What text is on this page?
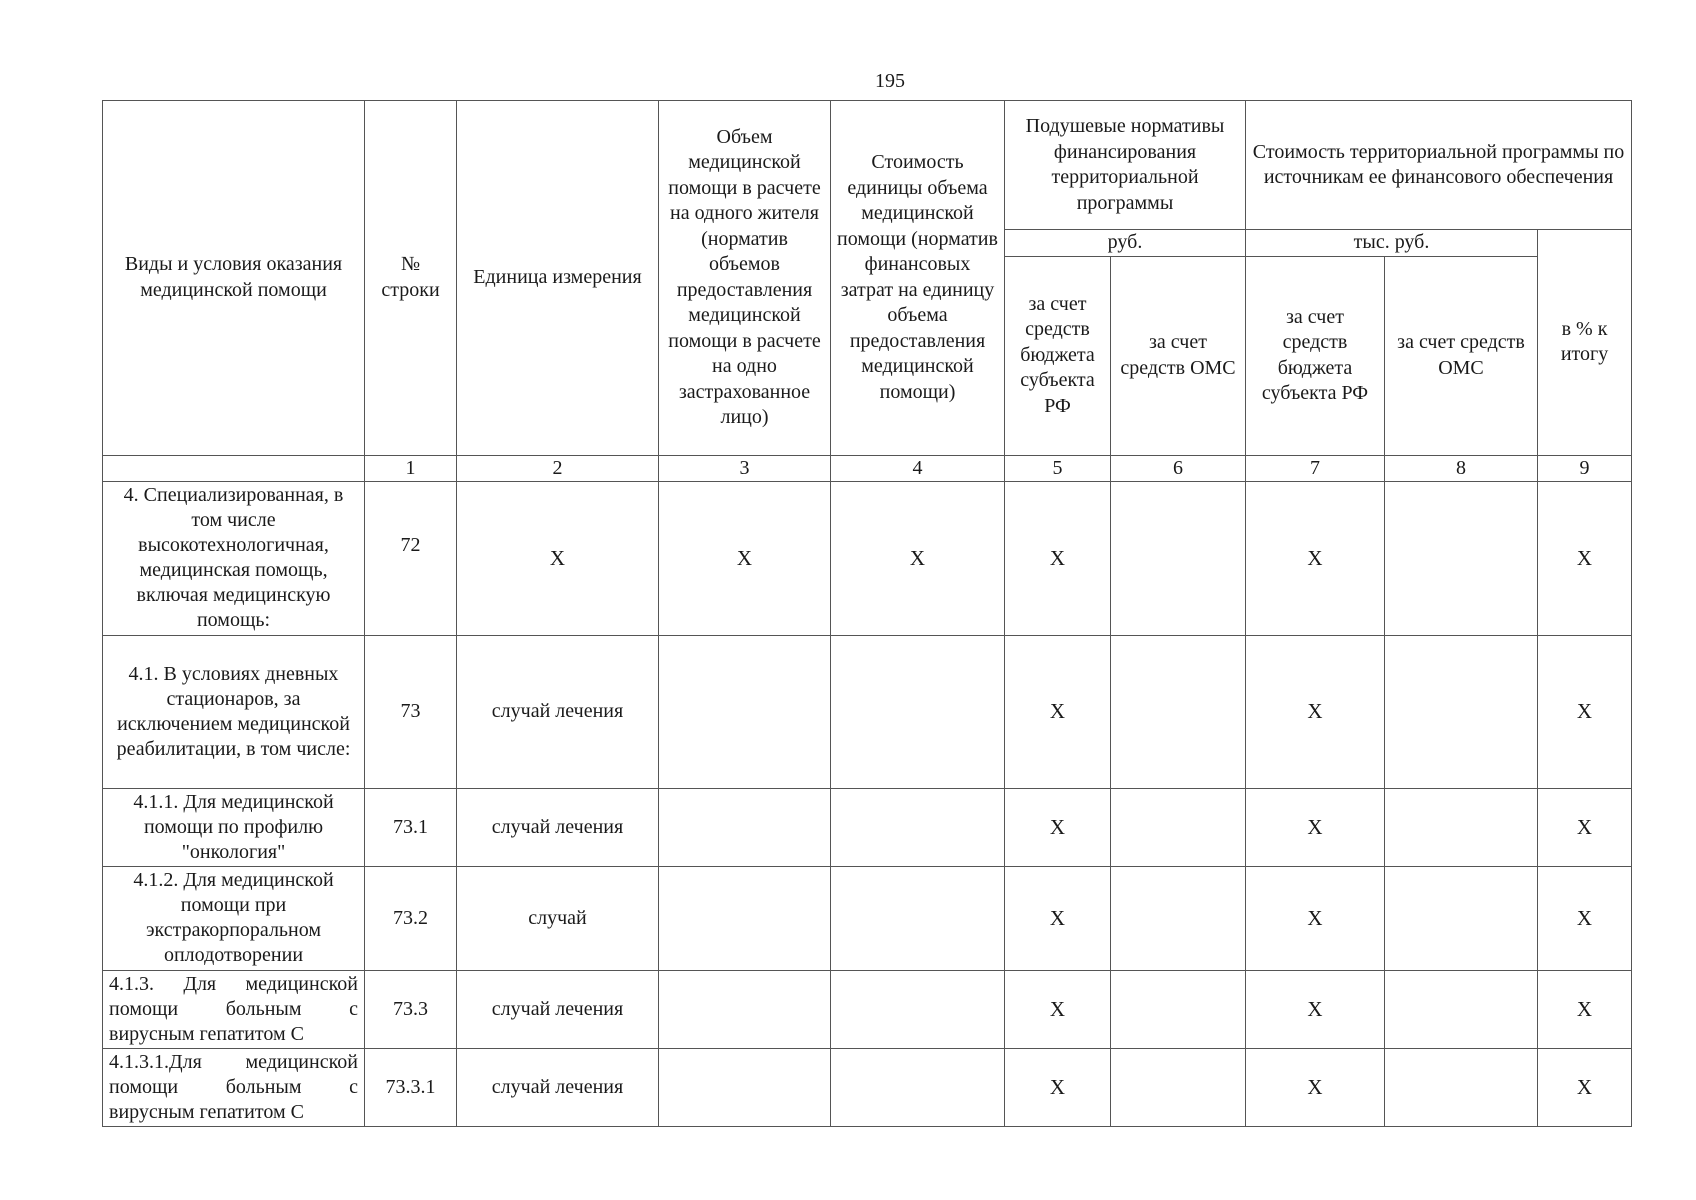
195
Виды и условия оказания медицинской помощи	№ строки	Единица измерения	Объем медицинской помощи в расчете на одного жителя (норматив объемов предоставления медицинской помощи в расчете на одно застрахованное лицо)	Стоимость единицы объема медицинской помощи (норматив финансовых затрат на единицу объема предоставления медицинской помощи)	Подушевые нормативы финансирования территориальной программы		Стоимость территориальной программы по источникам ее финансового обеспечения		
					руб.		тыс. руб.		в % к итогу
					за счет средств бюджета субъекта РФ	за счет средств ОМС	за счет средств бюджета субъекта РФ	за счет средств ОМС	
	1	2	3	4	5	6	7	8	9
4. Специализированная, в том числе высокотехнологичная, медицинская помощь, включая медицинскую помощь:	72	X	X	X	X		X		X
4.1. В условиях дневных стационаров, за исключением медицинской реабилитации, в том числе:	73	случай лечения			X		X		X
4.1.1. Для медицинской помощи по профилю "онкология"	73.1	случай лечения			X		X		X
4.1.2. Для медицинской помощи при экстракорпоральном оплодотворении	73.2	случай			X		X		X
4.1.3. Для медицинской помощи больным с вирусным гепатитом С	73.3	случай лечения			X		X		X
4.1.3.1.Для медицинской помощи больным с вирусным гепатитом С	73.3.1	случай лечения			X		X		X
